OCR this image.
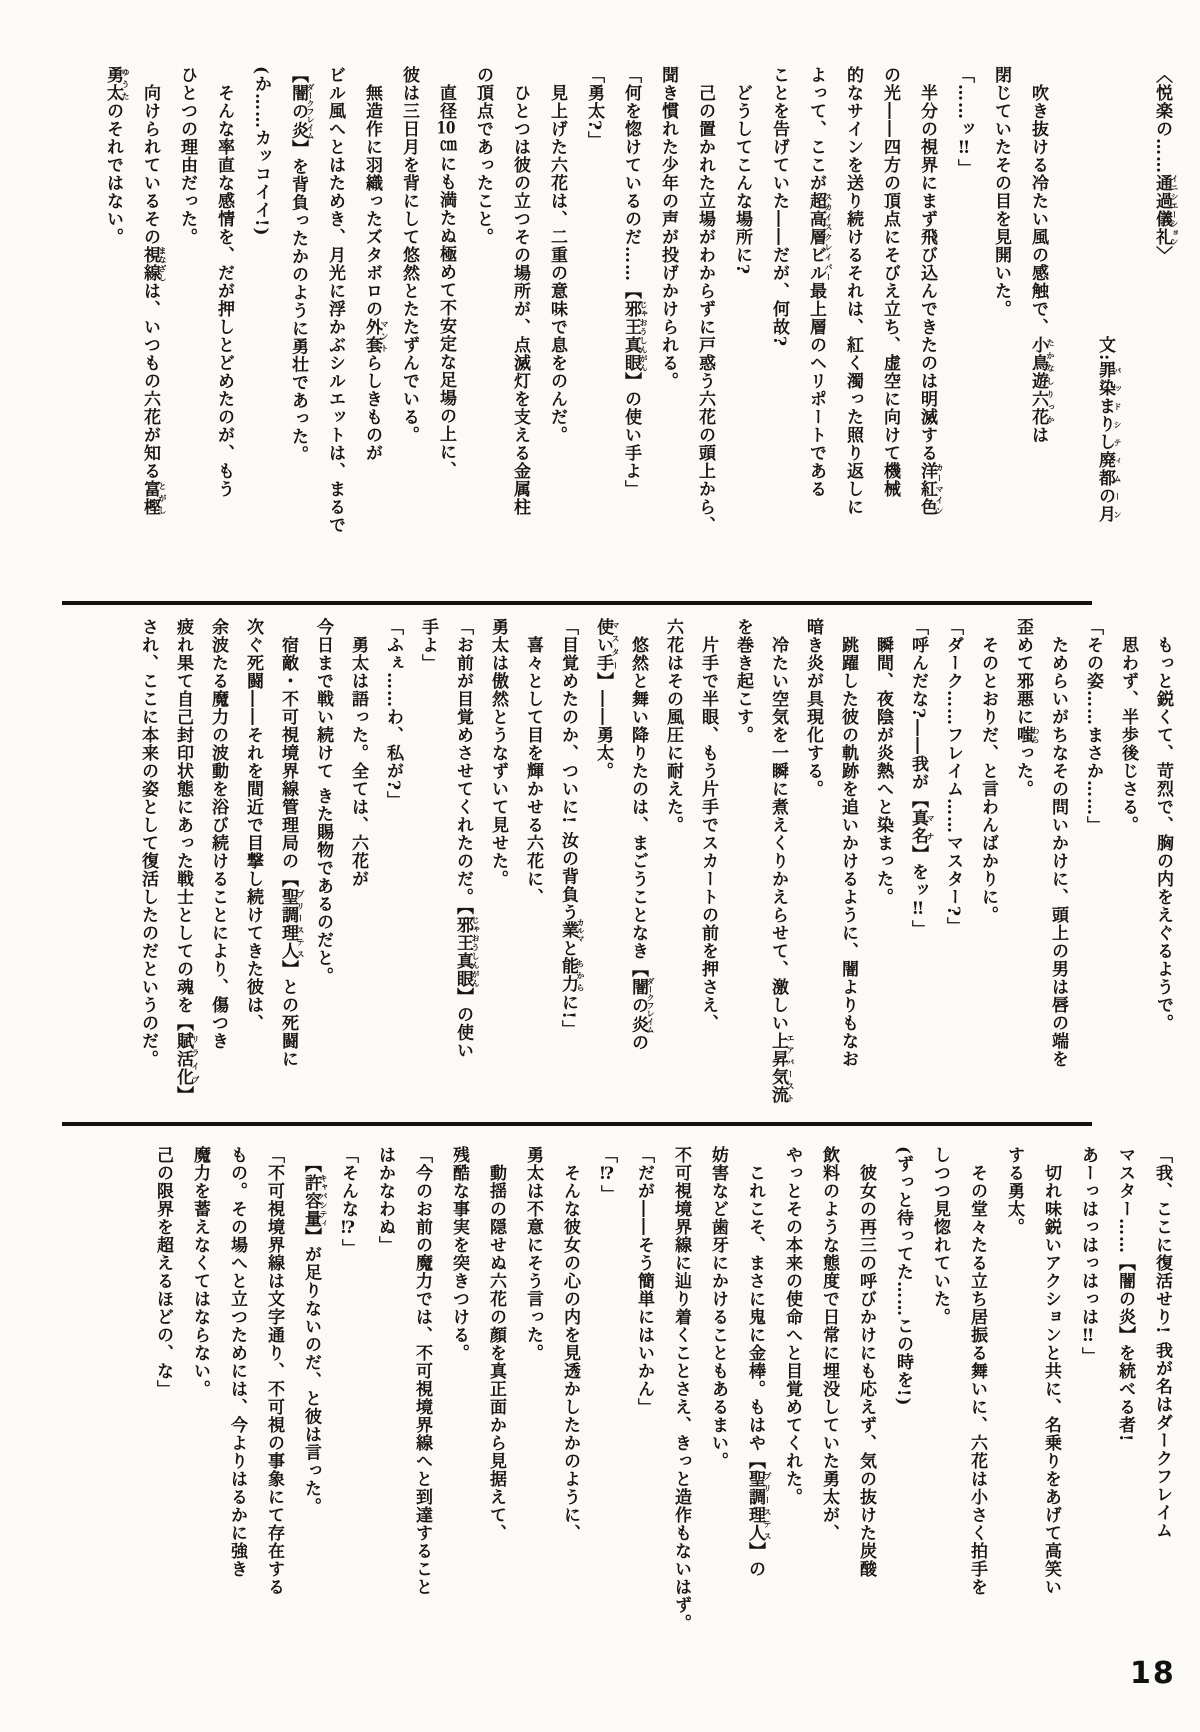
〈悦楽の……通過儀礼イニシエーション〉

　　　　　　　　　　　　　　　文:罪染まりし廃都の月バッドシティムーン

　吹き抜ける冷たい風の感触で、小鳥遊六花たかなしりっかは

閉じていたその目を見開いた。

「……ッ‼」

　半分の視界にまず飛び込んできたのは明滅する洋紅色カーマイン

の光――四方の頂点にそびえ立ち、虚空に向けて機械

的なサインを送り続けるそれは、紅く濁った照り返しに

よって、ここが超高層ビルスカイスクレイパー最上層のヘリポートである

ことを告げていた――だが、何故?

　どうしてこんな場所に?

　己の置かれた立場がわからずに戸惑う六花の頭上から、

聞き慣れた少年の声が投げかけられる。

「何を惚けているのだ……【邪王真眼じゃおうしんがん】の使い手よ」

「勇太?」

　見上げた六花は、二重の意味で息をのんだ。

　ひとつは彼の立つその場所が、点滅灯を支える金属柱

の頂点であったこと。

　直径10㎝にも満たぬ極めて不安定な足場の上に、

彼は三日月を背にして悠然とたたずんでいる。

　無造作に羽織ったズタボロの外套マントらしきものが

ビル風へとはためき、月光に浮かぶシルエットは、まるで

【闇の炎ダークフレイム】を背負ったかのように勇壮であった。

(か……カッコイイ!)

　そんな率直な感情を、だが押しとどめたのが、もう

ひとつの理由だった。

　向けられているその視線まなざしは、いつもの六花が知る富樫とがし

勇太ゆうたのそれではない。

　もっと鋭くて、苛烈で、胸の内をえぐるようで。

　思わず、半歩後じさる。

「その姿……まさか……」

　ためらいがちなその問いかけに、頭上の男は唇の端を

歪めて邪悪に嗤わらった。

　そのとおりだ、と言わんばかりに。

「ダーク……フレイム……マスター?」

「呼んだな?――我が【真名マナ】をッ‼」

　瞬間、夜陰が炎熱へと染まった。

　跳躍した彼の軌跡を追いかけるように、闇よりもなお

暗き炎が具現化する。

　冷たい空気を一瞬に煮えくりかえらせて、激しい上昇気流エアバースト

を巻き起こす。

　片手で半眼、もう片手でスカートの前を押さえ、

六花はその風圧に耐えた。

　悠然と舞い降りたのは、まごうことなき【闇の炎ダークフレイムの

使い手マスター】――勇太。

「目覚めたのか、ついに! 汝の背負う業カルマと能力ちからに!」

　喜々として目を輝かせる六花に、

勇太は傲然とうなずいて見せた。

「お前が目覚めさせてくれたのだ。【邪王真眼じゃおうしんがん】の使い

手よ」

「ふぇ……わ、私が?」

　勇太は語った。全ては、六花が

今日まで戦い続けて きた賜物であるのだと。

　宿敵・不可視境界線管理局の【聖調理人プリーステス】との死闘に

次ぐ死闘――それを間近で目撃し続けてきた彼は、

余波たる魔力の波動を浴び続けることにより、傷つき

疲れ果て自己封印状態にあった戦士としての魂を【賦活化リライブ】

され、ここに本来の姿として復活したのだというのだ。

「我、ここに復活せり! 我が名はダークフレイム

マスター……【闇の炎】を統べる者!

あーっはっはっはっは‼」

　切れ味鋭いアクションと共に、名乗りをあげて高笑い

する勇太。

　その堂々たる立ち居振る舞いに、六花は小さく拍手を

しつつ見惚れていた。

(ずっと待ってた……この時を!)

　彼女の再三の呼びかけにも応えず、気の抜けた炭酸

飲料のような態度で日常に埋没していた勇太が、

やっとその本来の使命へと目覚めてくれた。

　これこそ、まさに鬼に金棒。もはや【聖調理人プリーステス】の

妨害など歯牙にかけることもあるまい。

不可視境界線に辿り着くことさえ、きっと造作もないはず。

「だが――そう簡単にはいかん」

「⁉」

　そんな彼女の心の内を見透かしたかのように、

勇太は不意にそう言った。

　動揺の隠せぬ六花の顔を真正面から見据えて、

残酷な事実を突きつける。

「今のお前の魔力では、不可視境界線へと到達すること

はかなわぬ」

「そんな⁉」

　【許容量キャパシティ】が足りないのだ、と彼は言った。

「不可視境界線は文字通り、不可視の事象にて存在する

もの。その場へと立つためには、今よりはるかに強き

魔力を蓄えなくてはならない。

己の限界を超えるほどの、な」

18
